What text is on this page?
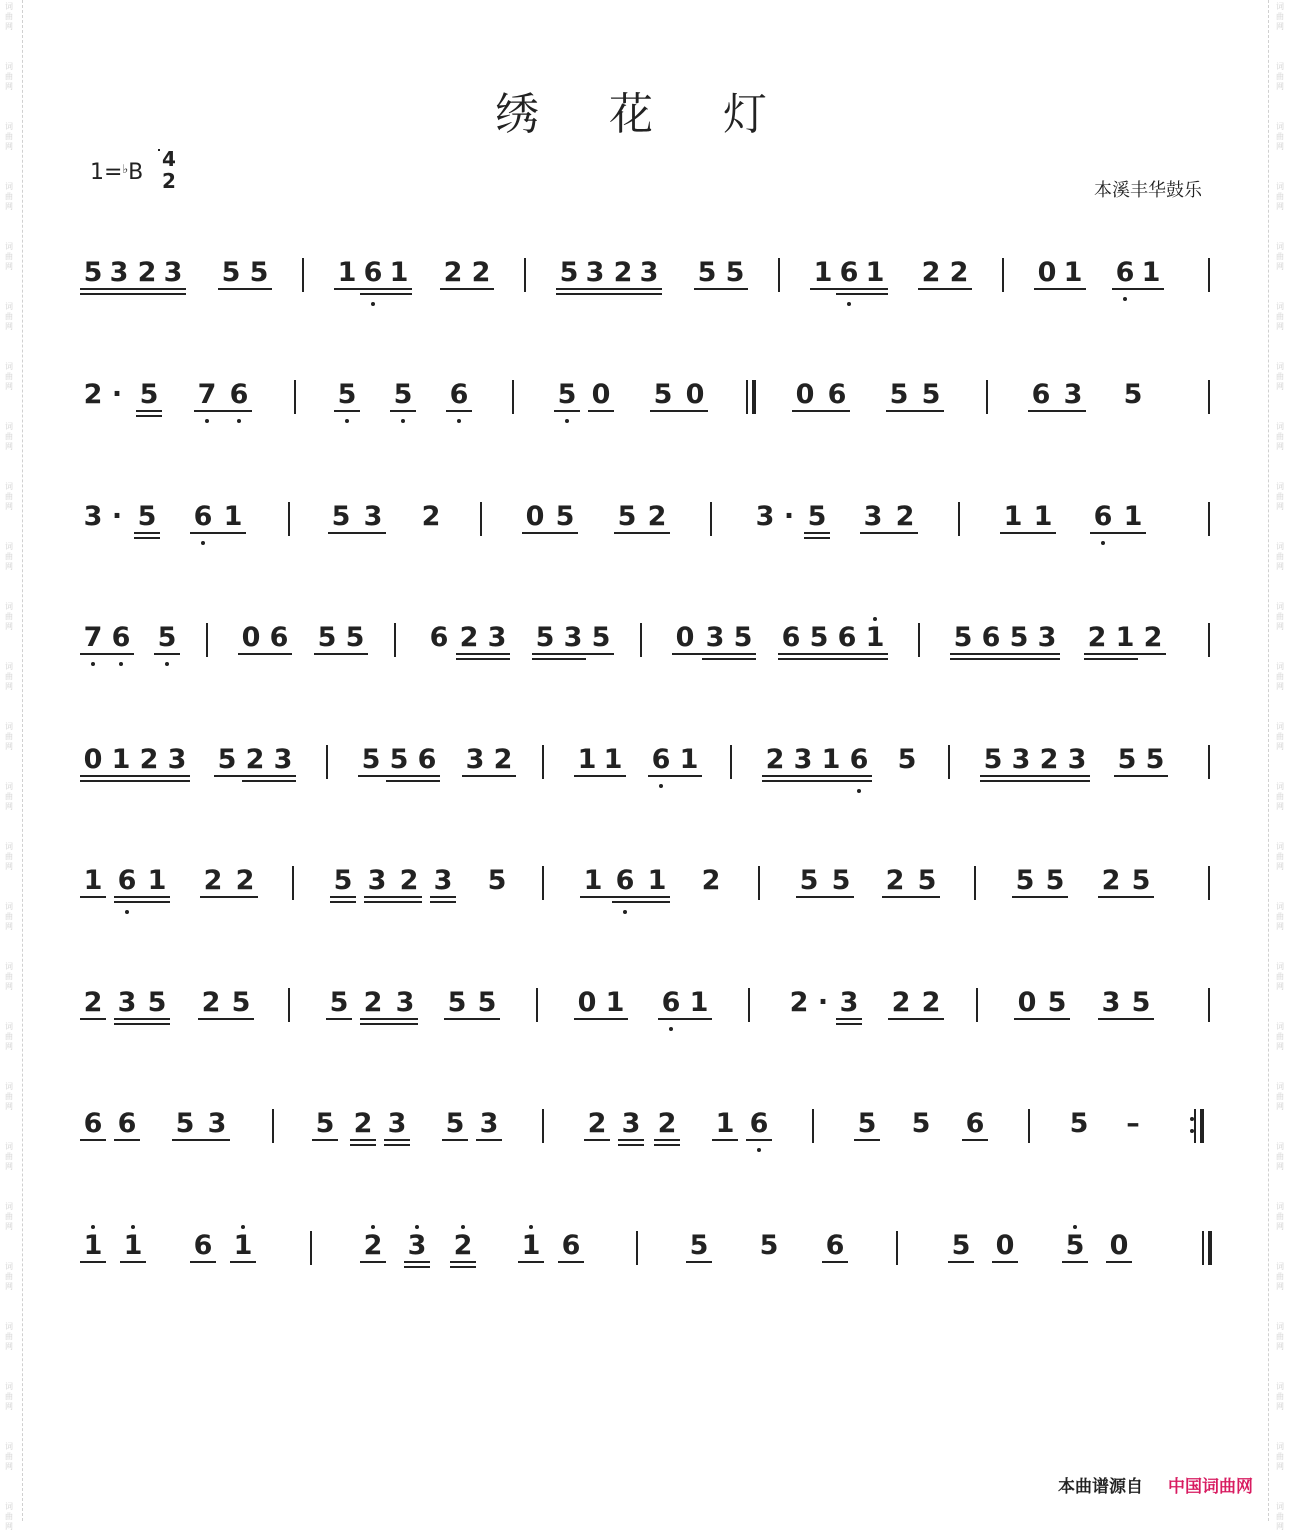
词
曲
网
词
曲
网
词
曲
网
词
曲
网
词
曲
网
词
曲
网
词
曲
网
词
曲
网
词
曲
网
词
曲
网
词
曲
网
词
曲
网
词
曲
网
词
曲
网
词
曲
网
词
曲
网
词
曲
网
词
曲
网
词
曲
网
词
曲
网
词
曲
网
词
曲
网
词
曲
网
词
曲
网
词
曲
网
词
曲
网
词
曲
网
词
曲
网
词
曲
网
词
曲
网
词
曲
网
词
曲
网
词
曲
网
词
曲
网
词
曲
网
词
曲
网
词
曲
网
词
曲
网
词
曲
网
词
曲
网
词
曲
网
词
曲
网
词
曲
网
词
曲
网
词
曲
网
词
曲
网
词
曲
网
词
曲
网
词
曲
网
词
曲
网
词
曲
网
词
曲
网
绣 花 灯
1=♭B
4
2	本溪丰华鼓乐
5 3 2 3 5 5	1 6 1 2 2	5 3 2 3 5 5	1 6 1 2 2	0 1 6 1
2 · 5 7 6	5 5 6	5 0 5 0	0 6 5 5	6 3 5
3 · 5 6 1	5 3 2	0 5 5 2	3 · 5 3 2	1 1 6 1
7 6 5 0 6 5 5 6 2 3 5 3 5 0 3 5 6 5 6 1	5 6 5 3 2 1 2
0 1 2 3 5 2 3	5 5 6 3 2 1 1 6 1 2 3 1 6 5 5 3 2 3 5 5
1 6 1 2 2	5 3 2 3 5	1 6 1 2	5 5 2 5	5 5 2 5
2 3 5 2 5	5 2 3 5 5	0 1 6 1	2 · 3 2 2	0 5 3 5
6 6 5 3	5 2 3 5 3	2 3 2 1 6	5 5 6	5 –
1 1 6 1	2 3 2 1 6	5 5 6	5 0 5 0
本曲谱源自 中国词曲网
